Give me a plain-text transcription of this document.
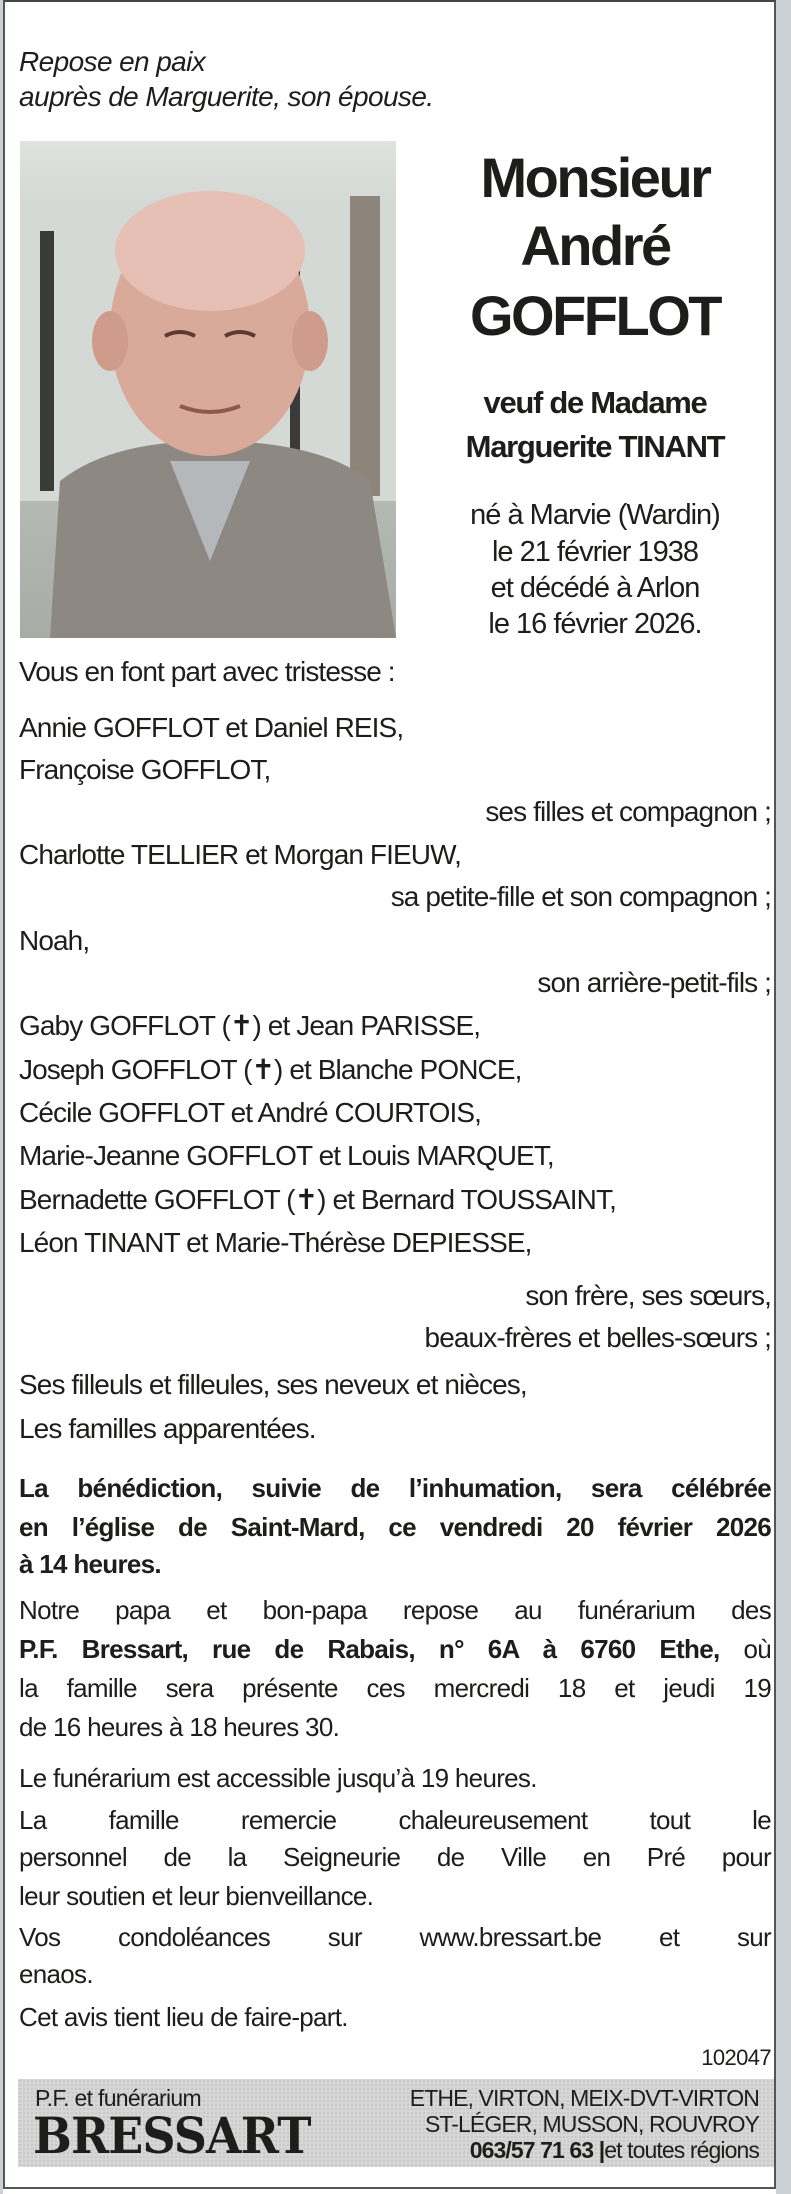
Repose en paix
auprès de Marguerite, son épouse.
Monsieur
André
GOFFLOT
veuf de Madame
Marguerite TINANT
né à Marvie (Wardin)
le 21 février 1938
et décédé à Arlon
le 16 février 2026.
Vous en font part avec tristesse :
Annie GOFFLOT et Daniel REIS,
Françoise GOFFLOT,
ses filles et compagnon ;
Charlotte TELLIER et Morgan FIEUW,
sa petite-fille et son compagnon ;
Noah,
son arrière-petit-fils ;
Gaby GOFFLOT (✝) et Jean PARISSE,
Joseph GOFFLOT (✝) et Blanche PONCE,
Cécile GOFFLOT et André COURTOIS,
Marie-Jeanne GOFFLOT et Louis MARQUET,
Bernadette GOFFLOT (✝) et Bernard TOUSSAINT,
Léon TINANT et Marie-Thérèse DEPIESSE,
son frère, ses sœurs,
beaux-frères et belles-sœurs ;
Ses filleuls et filleules, ses neveux et nièces,
Les familles apparentées.
La bénédiction, suivie de l’inhumation, sera célébrée
en l’église de Saint-Mard, ce vendredi 20 février 2026
à 14 heures.
Notre papa et bon-papa repose au funérarium des
P.F. Bressart, rue de Rabais, n° 6A à 6760 Ethe, où
la famille sera présente ces mercredi 18 et jeudi 19
de 16 heures à 18 heures 30.
Le funérarium est accessible jusqu’à 19 heures.
La famille remercie chaleureusement tout le
personnel de la Seigneurie de Ville en Pré pour
leur soutien et leur bienveillance.
Vos condoléances sur www.bressart.be et sur
enaos.
Cet avis tient lieu de faire-part.
102047
P.F. et funérarium
BRESSART
ETHE, VIRTON, MEIX-DVT-VIRTON
ST-LÉGER, MUSSON, ROUVROY
063/57 71 63 |et toutes régions
